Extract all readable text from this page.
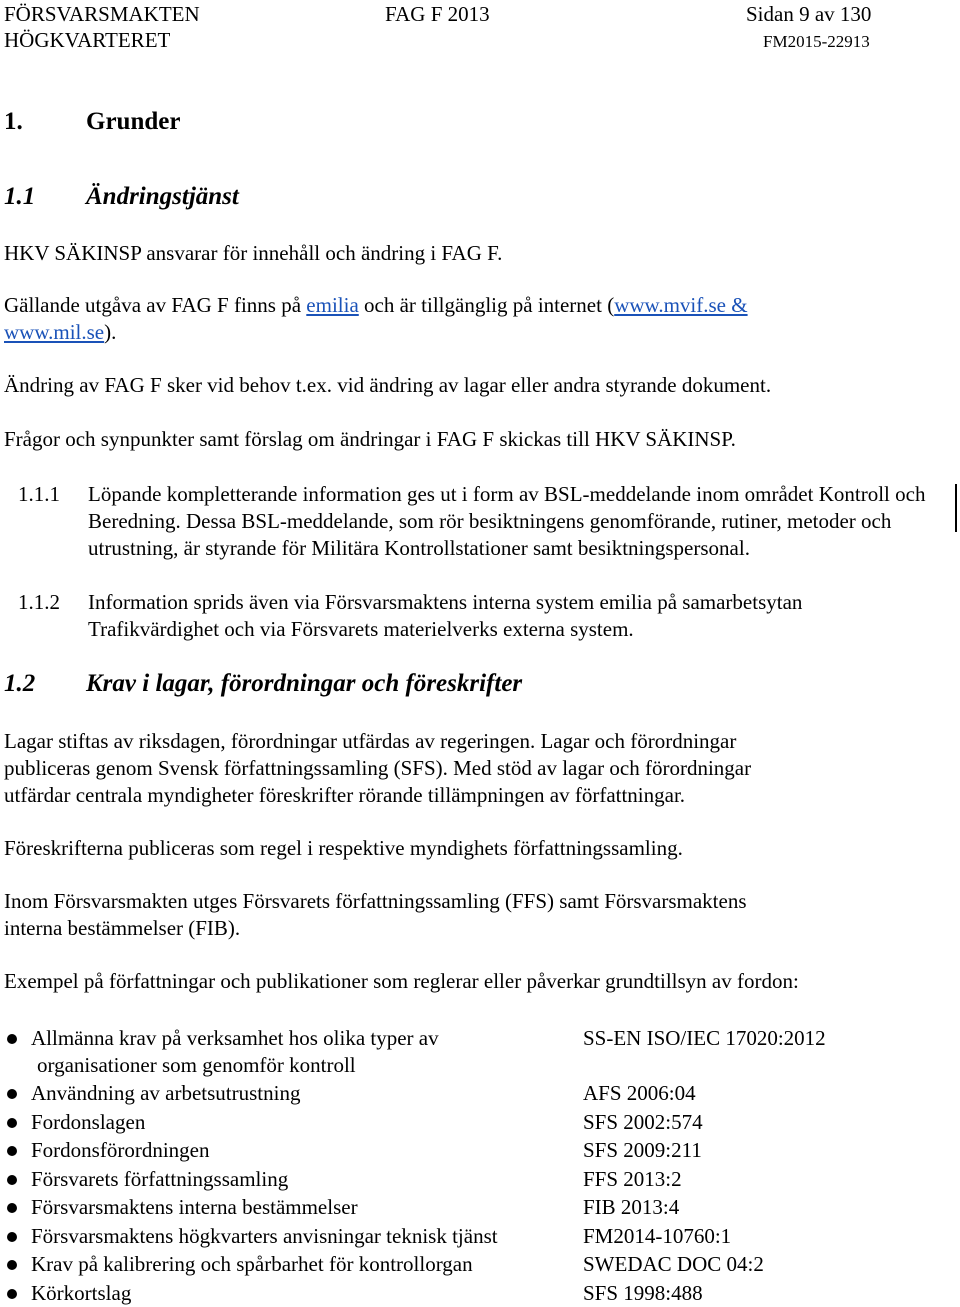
FÖRSVARSMAKTEN
HÖGKVARTERET
FAG F 2013	Sidan 9 av 130
FM2015-22913
1.	Grunder
1.1 Ändringstjänst
HKV SÄKINSP ansvarar för innehåll och ändring i FAG F.
Gällande utgåva av FAG F finns på emilia och är tillgänglig på internet (www.mvif.se &
www.mil.se).
Ändring av FAG F sker vid behov t.ex. vid ändring av lagar eller andra styrande dokument.
Frågor och synpunkter samt förslag om ändringar i FAG F skickas till HKV SÄKINSP.
1.1.1 Löpande kompletterande information ges ut i form av BSL-meddelande inom området Kontroll och Beredning. Dessa BSL-meddelande, som rör besiktningens genomförande, rutiner, metoder och utrustning, är styrande för Militära Kontrollstationer samt besiktningspersonal.
1.1.2 Information sprids även via Försvarsmaktens interna system emilia på samarbetsytan Trafikvärdighet och via Försvarets materielverks externa system.
1.2 Krav i lagar, förordningar och föreskrifter
Lagar stiftas av riksdagen, förordningar utfärdas av regeringen. Lagar och förordningar
publiceras genom Svensk författningssamling (SFS). Med stöd av lagar och förordningar
utfärdar centrala myndigheter föreskrifter rörande tillämpningen av författningar.
Föreskrifterna publiceras som regel i respektive myndighets författningssamling.
Inom Försvarsmakten utges Försvarets författningssamling (FFS) samt Försvarsmaktens
interna bestämmelser (FIB).
Exempel på författningar och publikationer som reglerar eller påverkar grundtillsyn av fordon:
Allmänna krav på verksamhet hos olika typer av	SS-EN ISO/IEC 17020:2012
organisationer som genomför kontroll
Användning av arbetsutrustning	AFS 2006:04
Fordonslagen	SFS 2002:574
Fordonsförordningen	SFS 2009:211
Försvarets författningssamling	FFS 2013:2
Försvarsmaktens interna bestämmelser	FIB 2013:4
Försvarsmaktens högkvarters anvisningar teknisk tjänst	FM2014-10760:1
Krav på kalibrering och spårbarhet för kontrollorgan	SWEDAC DOC 04:2
Körkortslag	SFS 1998:488
